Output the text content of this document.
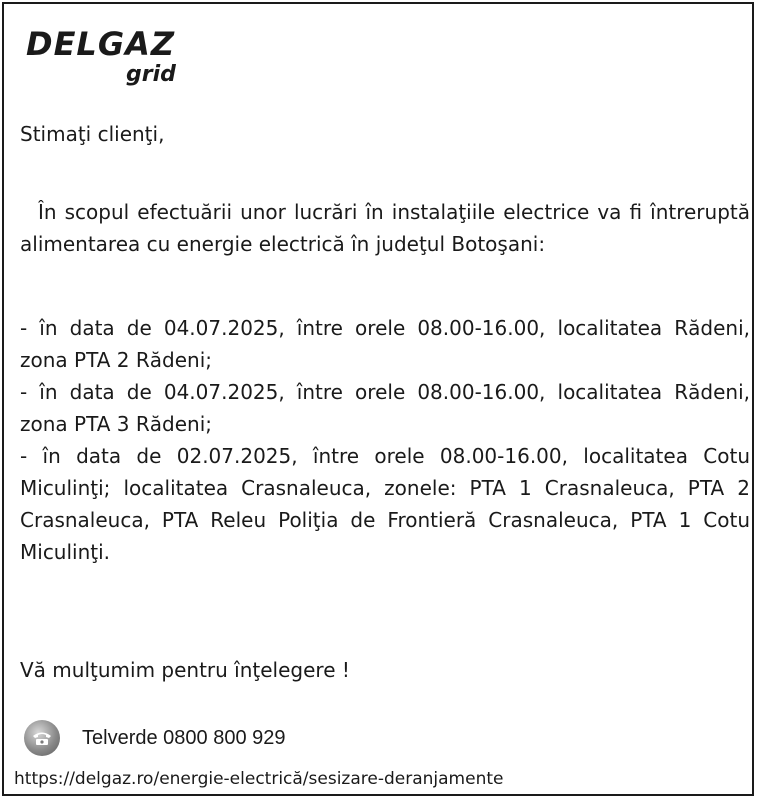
DELGAZ
grid
Stimaţi clienţi,
În scopul efectuării unor lucrări în instalaţiile electrice va fi întreruptă alimentarea cu energie electrică în judeţul Botoşani:

- în data de 04.07.2025, între orele 08.00-16.00, localitatea Rădeni, zona PTA 2 Rădeni;

- în data de 04.07.2025, între orele 08.00-16.00, localitatea Rădeni, zona PTA 3 Rădeni;

- în data de 02.07.2025, între orele 08.00-16.00, localitatea Cotu Miculinţi; localitatea Crasnaleuca, zonele: PTA 1 Crasnaleuca, PTA 2 Crasnaleuca, PTA Releu Poliţia de Frontieră Crasnaleuca, PTA 1 Cotu Miculinţi.

Vă mulţumim pentru înţelegere !
Telverde 0800 800 929
https://delgaz.ro/energie-electrică/sesizare-deranjamente
